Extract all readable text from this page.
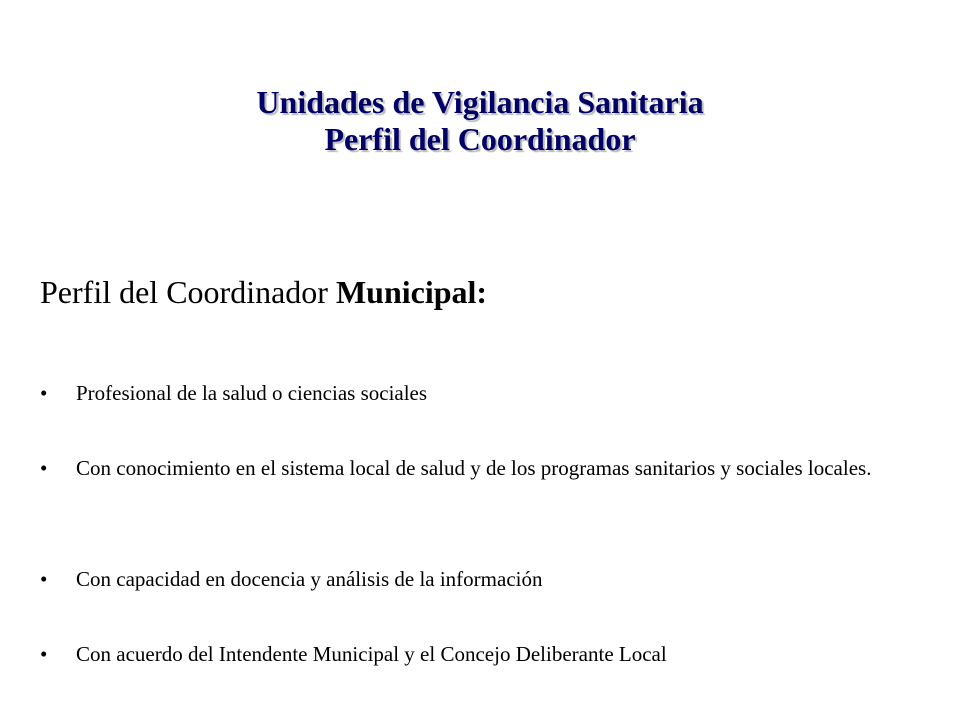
Unidades de Vigilancia Sanitaria
Perfil del Coordinador
Perfil del Coordinador Municipal:
•	Profesional de la salud o ciencias sociales
•	Con conocimiento en el sistema local de salud y de los programas sanitarios y sociales locales.
•	Con capacidad en docencia y análisis de la información
•	Con acuerdo del Intendente Municipal y el Concejo Deliberante Local
